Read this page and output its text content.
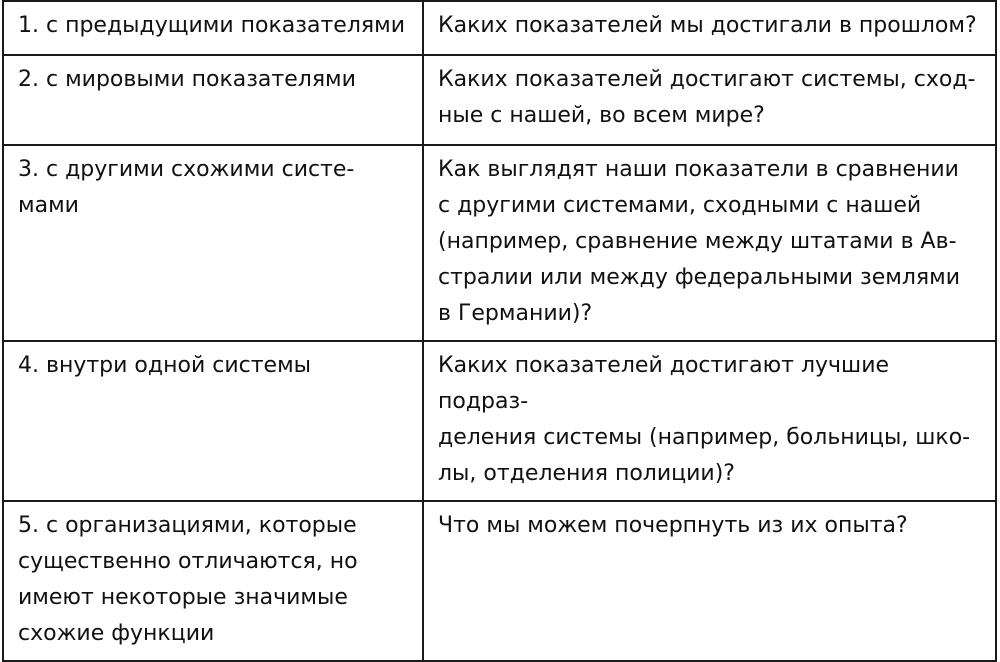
1. с предыдущими показателями	Каких показателей мы достигали в прошлом?

2. с мировыми показателями	Каких показателей достигают системы, сход-
ные с нашей, во всем мире?

3. с другими схожими систе-
мами	Как выглядят наши показатели в сравнении
с другими системами, сходными с нашей
(например, сравнение между штатами в Ав-
стралии или между федеральными землями
в Германии)?

4. внутри одной системы	Каких показателей достигают лучшие подраз-
деления системы (например, больницы, шко-
лы, отделения полиции)?

5. с организациями, которые
существенно отличаются, но
имеют некоторые значимые
схожие функции	Что мы можем почерпнуть из их опыта?
